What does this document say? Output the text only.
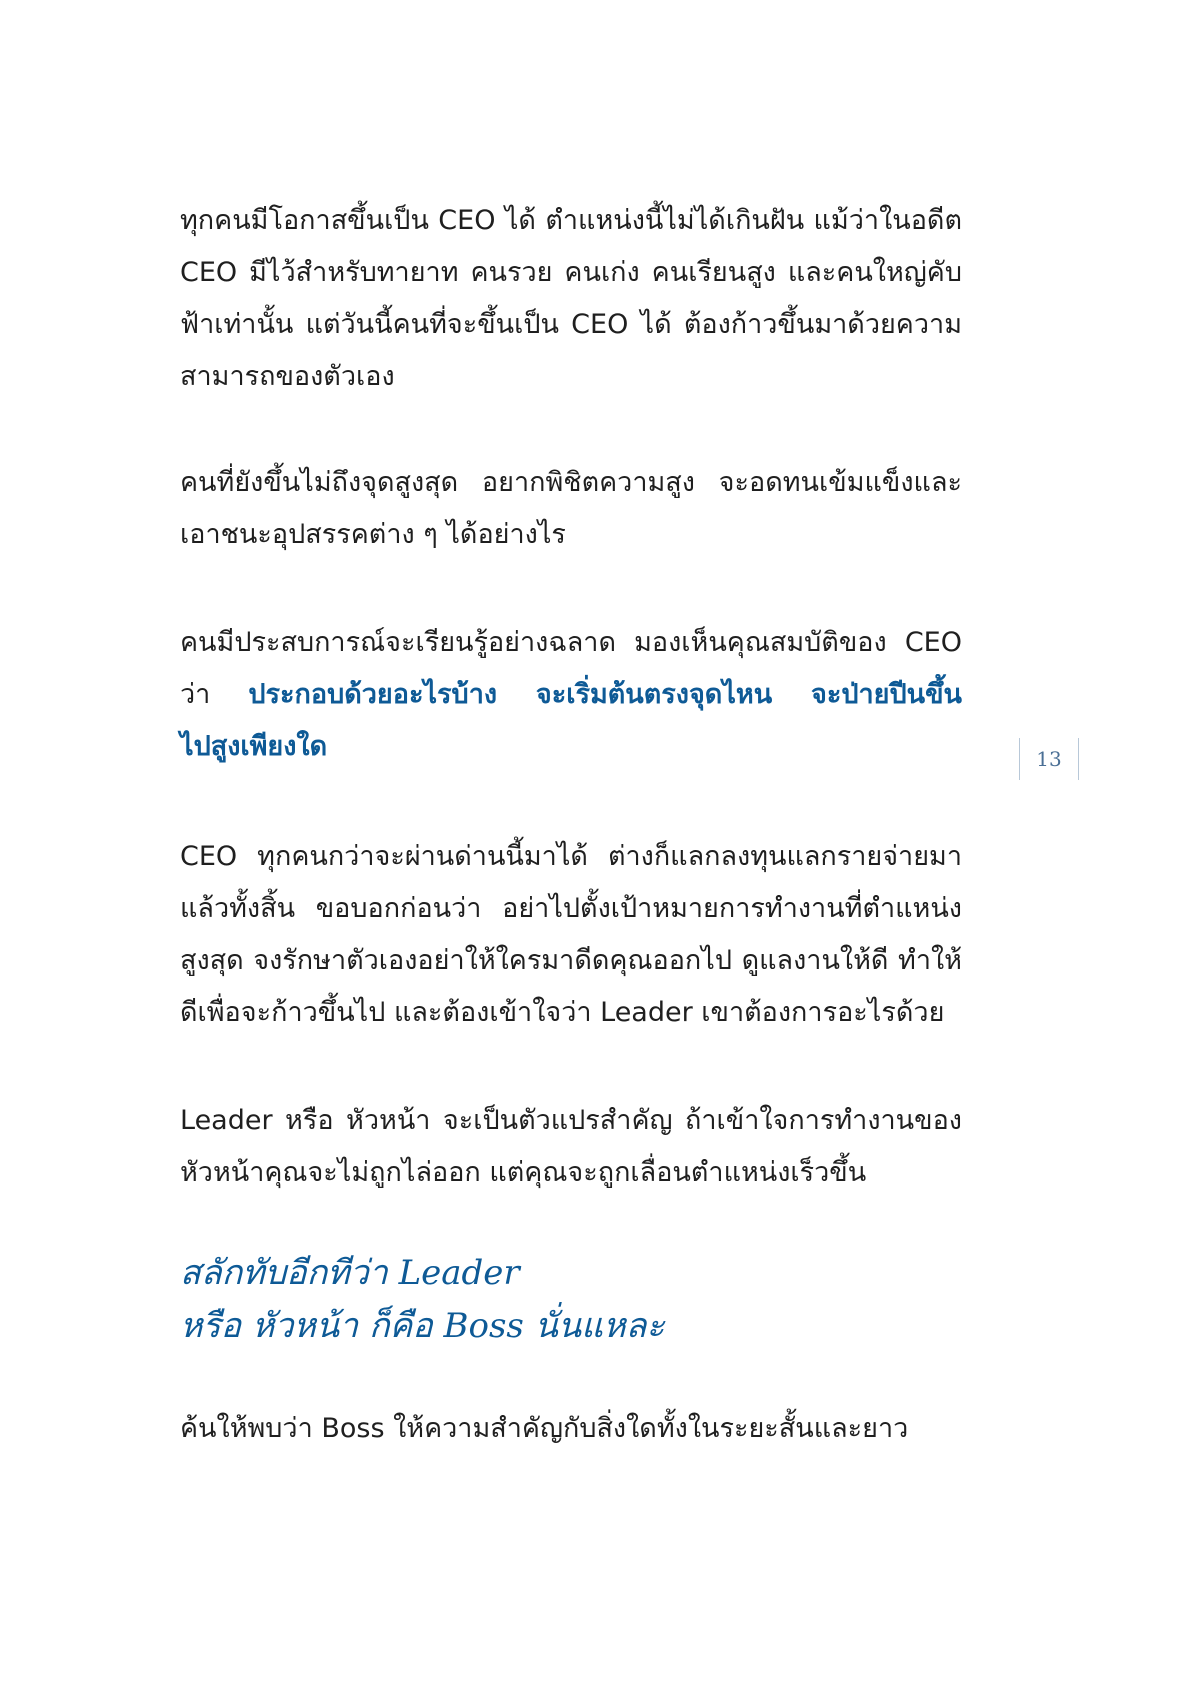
ทุกคนมีโอกาสขึ้นเป็น CEO ได้ ตำแหน่งนี้ไม่ได้เกินฝัน แม้ว่าในอดีต
CEO มีไว้สำหรับทายาท คนรวย คนเก่ง คนเรียนสูง และคนใหญ่คับ
ฟ้าเท่านั้น แต่วันนี้คนที่จะขึ้นเป็น CEO ได้ ต้องก้าวขึ้นมาด้วยความ
สามารถของตัวเอง

คนที่ยังขึ้นไม่ถึงจุดสูงสุด อยากพิชิตความสูง จะอดทนเข้มแข็งและ
เอาชนะอุปสรรคต่าง ๆ ได้อย่างไร

คนมีประสบการณ์จะเรียนรู้อย่างฉลาด มองเห็นคุณสมบัติของ CEO
ว่า ประกอบด้วยอะไรบ้าง จะเริ่มต้นตรงจุดไหน จะป่ายปีนขึ้น
ไปสูงเพียงใด

CEO ทุกคนกว่าจะผ่านด่านนี้มาได้ ต่างก็แลกลงทุนแลกรายจ่ายมา
แล้วทั้งสิ้น ขอบอกก่อนว่า อย่าไปตั้งเป้าหมายการทำงานที่ตำแหน่ง
สูงสุด จงรักษาตัวเองอย่าให้ใครมาดีดคุณออกไป ดูแลงานให้ดี ทำให้
ดีเพื่อจะก้าวขึ้นไป และต้องเข้าใจว่า Leader เขาต้องการอะไรด้วย

Leader หรือ หัวหน้า จะเป็นตัวแปรสำคัญ ถ้าเข้าใจการทำงานของ
หัวหน้าคุณจะไม่ถูกไล่ออก แต่คุณจะถูกเลื่อนตำแหน่งเร็วขึ้น

สลักทับอีกทีว่า Leader
หรือ หัวหน้า ก็คือ Boss นั่นแหละ

ค้นให้พบว่า Boss ให้ความสำคัญกับสิ่งใดทั้งในระยะสั้นและยาว

13
